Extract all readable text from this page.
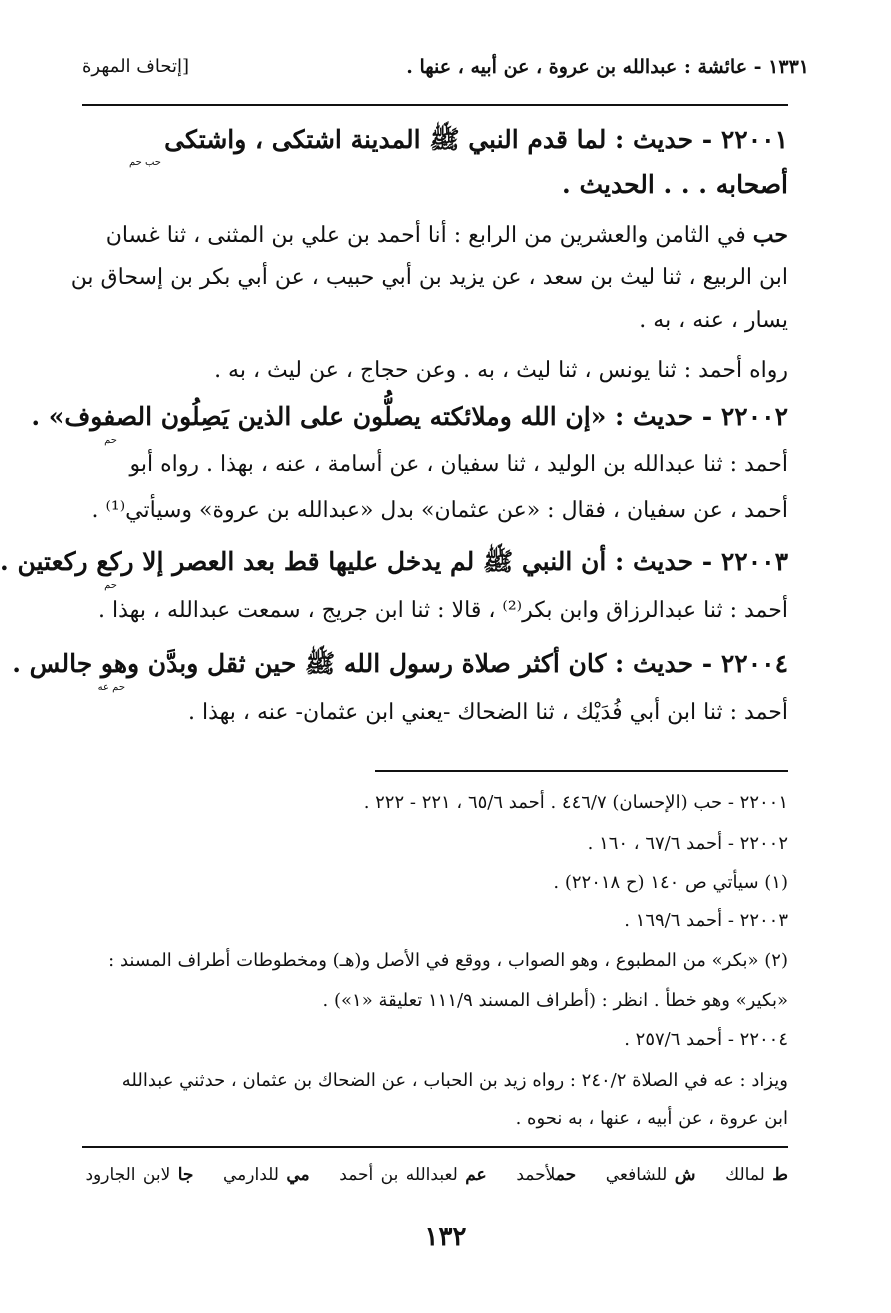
١٣٣١ - عائشة : عبدالله بن عروة ، عن أبيه ، عنها .
[إتحاف المهرة
٢٢٠٠١ - حديث : لما قدم النبي ﷺ المدينة اشتكى ، واشتكى
حب حم
أصحابه . . . الحديث .
حب في الثامن والعشرين من الرابع : أنا أحمد بن علي بن المثنى ، ثنا غسان
ابن الربيع ، ثنا ليث بن سعد ، عن يزيد بن أبي حبيب ، عن أبي بكر بن إسحاق بن
يسار ، عنه ، به .
رواه أحمد : ثنا يونس ، ثنا ليث ، به . وعن حجاج ، عن ليث ، به .
٢٢٠٠٢ - حديث : «إن الله وملائكته يصلُّون على الذين يَصِلُون الصفوف» .
حم
أحمد : ثنا عبدالله بن الوليد ، ثنا سفيان ، عن أسامة ، عنه ، بهذا . رواه أبو
أحمد ، عن سفيان ، فقال : «عن عثمان» بدل «عبدالله بن عروة» وسيأتي⁽¹⁾ .
٢٢٠٠٣ - حديث : أن النبي ﷺ لم يدخل عليها قط بعد العصر إلا ركع ركعتين .
حم
أحمد : ثنا عبدالرزاق وابن بكر⁽²⁾ ، قالا : ثنا ابن جريج ، سمعت عبدالله ، بهذا .
٢٢٠٠٤ - حديث : كان أكثر صلاة رسول الله ﷺ حين ثقل وبدَّن وهو جالس .
حم عه
أحمد : ثنا ابن أبي فُدَيْك ، ثنا الضحاك -يعني ابن عثمان- عنه ، بهذا .
٢٢٠٠١ - حب (الإحسان) ٤٤٦/٧ . أحمد ٦٥/٦ ، ٢٢١ - ٢٢٢ .
٢٢٠٠٢ - أحمد ٦٧/٦ ، ١٦٠ .
(١) سيأتي ص ١٤٠ (ح ٢٢٠١٨) .
٢٢٠٠٣ - أحمد ١٦٩/٦ .
(٢) «بكر» من المطبوع ، وهو الصواب ، ووقع في الأصل و(هـ) ومخطوطات أطراف المسند :
«بكير» وهو خطأ . انظر : (أطراف المسند ١١١/٩ تعليقة «١») .
٢٢٠٠٤ - أحمد ٢٥٧/٦ .
ويزاد : عه في الصلاة ٢٤٠/٢ : رواه زيد بن الحباب ، عن الضحاك بن عثمان ، حدثني عبدالله
ابن عروة ، عن أبيه ، عنها ، به نحوه .
ط لمالك    ش للشافعي    حملأحمد    عم لعبدالله بن أحمد    مي للدارمي    جا لابن الجارود
١٣٢
